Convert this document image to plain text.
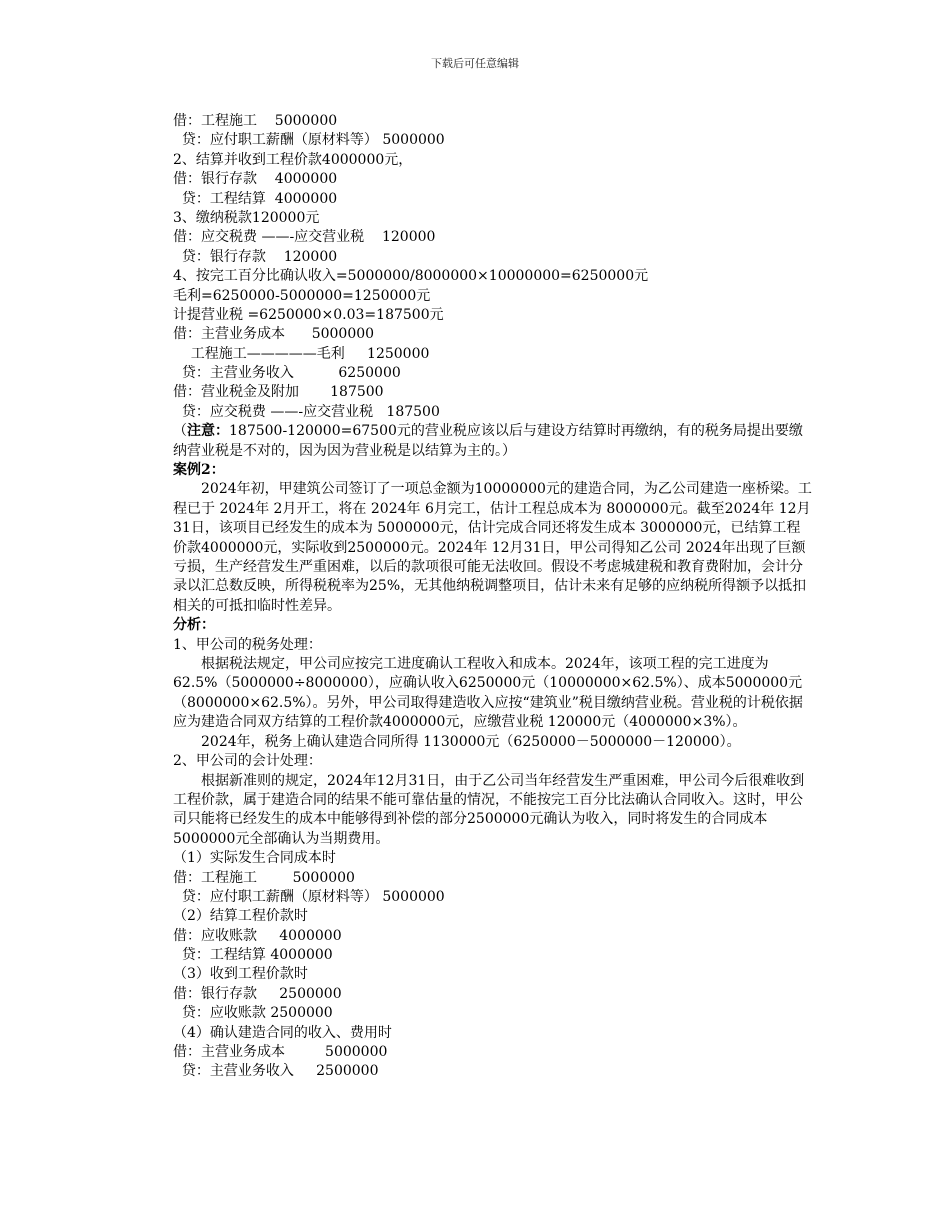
下载后可任意编辑
借：工程施工    5000000
贷：应付职工薪酬（原材料等） 5000000
2、结算并收到工程价款4000000元，
借：银行存款    4000000
贷：工程结算  4000000
3、缴纳税款120000元
借：应交税费 ——-应交营业税    120000
贷：银行存款    120000
4、按完工百分比确认收入=5000000/8000000×10000000=6250000元
毛利=6250000-5000000=1250000元
计提营业税 =6250000×0.03=187500元
借：主营业务成本      5000000
工程施工—————毛利     1250000
贷：主营业务收入          6250000
借：营业税金及附加       187500
贷：应交税费 ——-应交营业税   187500
（注意：187500-120000=67500元的营业税应该以后与建设方结算时再缴纳，有的税务局提出要缴纳营业税是不对的，因为因为营业税是以结算为主的。）
案例2：
2024年初，甲建筑公司签订了一项总金额为10000000元的建造合同，为乙公司建造一座桥梁。工程已于 2024年 2月开工，将在 2024年 6月完工，估计工程总成本为 8000000元。截至2024年 12月 31日，该项目已经发生的成本为 5000000元，估计完成合同还将发生成本 3000000元，已结算工程价款4000000元，实际收到2500000元。2024年 12月31日，甲公司得知乙公司 2024年出现了巨额亏损，生产经营发生严重困难，以后的款项很可能无法收回。假设不考虑城建税和教育费附加，会计分录以汇总数反映，所得税税率为25%，无其他纳税调整项目，估计未来有足够的应纳税所得额予以抵扣相关的可抵扣临时性差异。
分析：
1、甲公司的税务处理：
根据税法规定，甲公司应按完工进度确认工程收入和成本。2024年，该项工程的完工进度为62.5%（5000000÷8000000），应确认收入6250000元（10000000×62.5%）、成本5000000元（8000000×62.5%）。另外，甲公司取得建造收入应按“建筑业”税目缴纳营业税。营业税的计税依据应为建造合同双方结算的工程价款4000000元，应缴营业税 120000元（4000000×3%）。
2024年，税务上确认建造合同所得 1130000元（6250000－5000000－120000）。
2、甲公司的会计处理：
根据新准则的规定，2024年12月31日，由于乙公司当年经营发生严重困难，甲公司今后很难收到工程价款，属于建造合同的结果不能可靠估量的情况，不能按完工百分比法确认合同收入。这时，甲公司只能将已经发生的成本中能够得到补偿的部分2500000元确认为收入，同时将发生的合同成本5000000元全部确认为当期费用。
（1）实际发生合同成本时
借：工程施工        5000000
贷：应付职工薪酬（原材料等） 5000000
（2）结算工程价款时
借：应收账款     4000000
贷：工程结算 4000000
（3）收到工程价款时
借：银行存款     2500000
贷：应收账款 2500000
（4）确认建造合同的收入、费用时
借：主营业务成本         5000000
贷：主营业务收入     2500000
